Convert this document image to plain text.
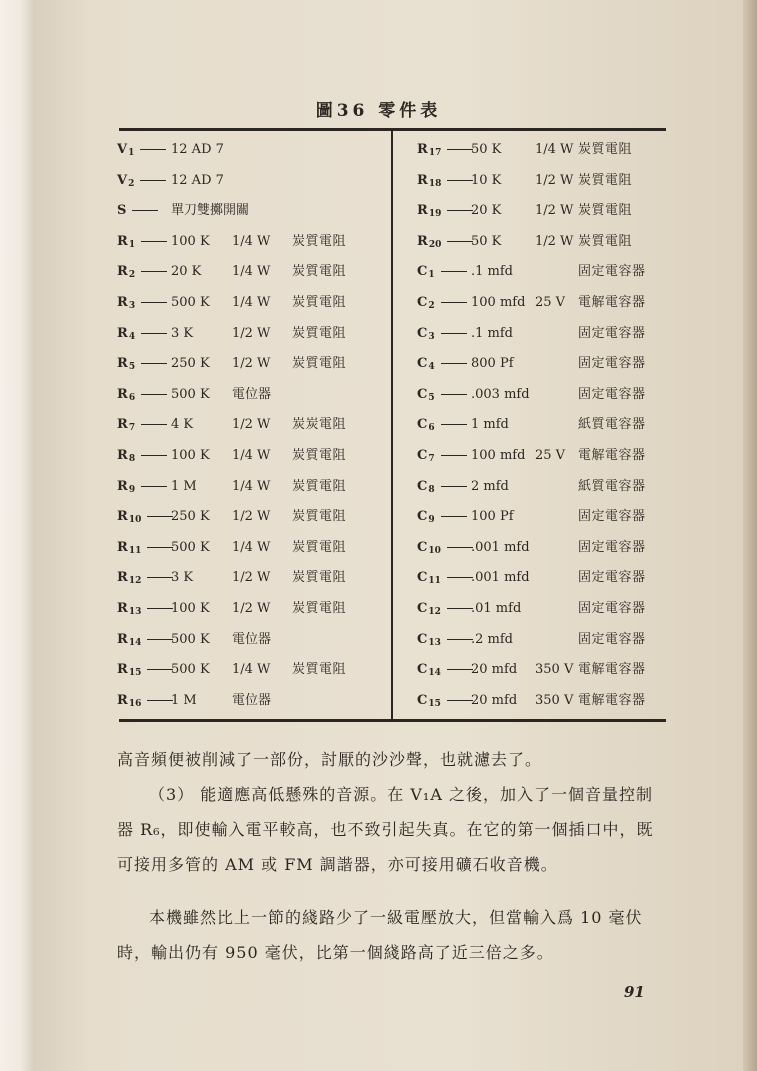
圖36 零件表
V1	12 AD 7
V2	12 AD 7
S	單刀雙擲開關
R1	100 K 1/4 W 炭質電阻
R2	20 K 1/4 W 炭質電阻
R3	500 K 1/4 W 炭質電阻
R4	3 K	1/2 W 炭質電阻
R5	250 K 1/2 W 炭質電阻
R6	500 K 電位器
R7	4 K	1/2 W 炭炭電阻
R8	100 K 1/4 W 炭質電阻
R9	1 M	1/4 W 炭質電阻
R10	250 K 1/2 W 炭質電阻
R11	500 K 1/4 W 炭質電阻
R12	3 K	1/2 W 炭質電阻
R13	100 K 1/2 W 炭質電阻
R14	500 K 電位器
R15	500 K 1/4 W 炭質電阻
R16	1 M	電位器
R17	50 K	1/4 W 炭質電阻
R18	10 K	1/2 W 炭質電阻
R19	20 K	1/2 W 炭質電阻
R20	50 K	1/2 W 炭質電阻
C1	.1 mfd	固定電容器
C2	100 mfd 25 V 電解電容器
C3	.1 mfd	固定電容器
C4	800 Pf	固定電容器
C5	.003 mfd	固定電容器
C6	1 mfd	紙質電容器
C7	100 mfd 25 V 電解電容器
C8	2 mfd	紙質電容器
C9	100 Pf	固定電容器
C10	.001 mfd	固定電容器
C11	.001 mfd	固定電容器
C12	.01 mfd	固定電容器
C13	.2 mfd	固定電容器
C14	20 mfd 350 V 電解電容器
C15	20 mfd 350 V 電解電容器
高音頻便被削減了一部份，討厭的沙沙聲，也就濾去了。
（3） 能適應高低懸殊的音源。在 V₁A 之後，加入了一個音量控制器 R₆，即使輸入電平較高，也不致引起失真。在它的第一個插口中，既可接用多管的 AM 或 FM 調諧器，亦可接用礦石收音機。
本機雖然比上一節的綫路少了一級電壓放大，但當輸入爲 10 毫伏時，輸出仍有 950 毫伏，比第一個綫路高了近三倍之多。
91
